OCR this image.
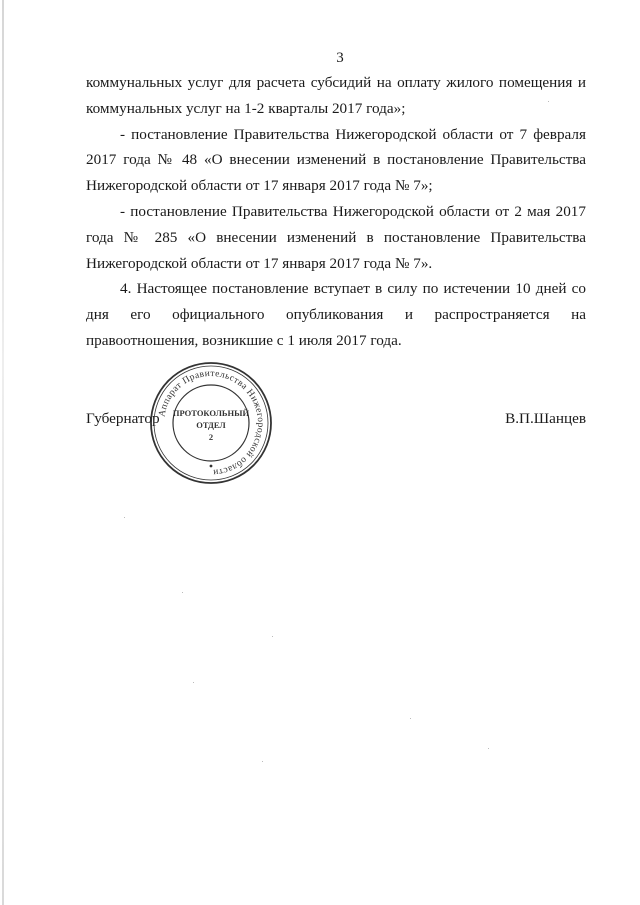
3

коммунальных услуг для расчета субсидий на оплату жилого помещения и коммунальных услуг на 1-2 кварталы 2017 года»;

- постановление Правительства Нижегородской области от 7 февраля 2017 года № 48 «О внесении изменений в постановление Правительства Нижегородской области от 17 января 2017 года № 7»;

- постановление Правительства Нижегородской области от 2 мая 2017 года № 285 «О внесении изменений в постановление Правительства Нижегородской области от 17 января 2017 года № 7».

4. Настоящее постановление вступает в силу по истечении 10 дней со дня его официального опубликования и распространяется на правоотношения, возникшие с 1 июля 2017 года.

Губернатор	В.П.Шанцев
Аппарат Правительства Нижегородской области
ПРОТОКОЛЬНЫЙ
ОТДЕЛ
2
